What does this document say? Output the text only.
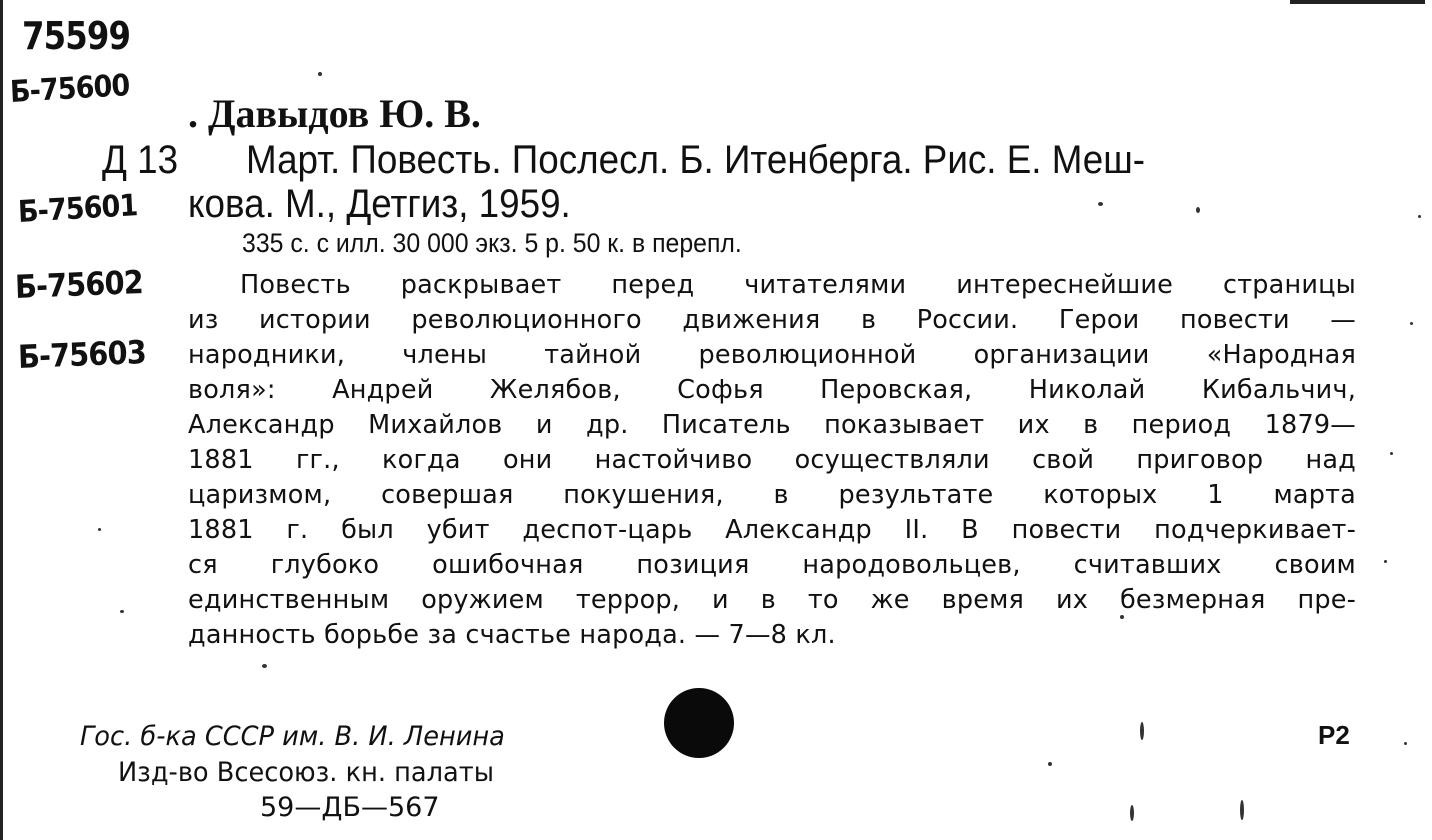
75599
Б-75600
Б-75601
Б-75602
Б-75603
. Давыдов Ю. В.
Д 13 Март. Повесть. Послесл. Б. Итенберга. Рис. Е. Меш-
кова. М., Детгиз, 1959.
335 с. с илл. 30 000 экз. 5 р. 50 к. в перепл.
Повесть раскрывает перед читателями интереснейшие страницы
из истории революционного движения в России. Герои повести —
народники, члены тайной революционной организации «Народная
воля»: Андрей Желябов, Софья Перовская, Николай Кибальчич,
Александр Михайлов и др. Писатель показывает их в период 1879—
1881 гг., когда они настойчиво осуществляли свой приговор над
царизмом, совершая покушения, в результате которых 1 марта
1881 г. был убит деспот-царь Александр II. В повести подчеркивает-
ся глубоко ошибочная позиция народовольцев, считавших своим
единственным оружием террор, и в то же время их безмерная пре-
данность борьбе за счастье народа. — 7—8 кл.
Гос. б-ка СССР им. В. И. Ленина
Изд-во Всесоюз. кн. палаты
59—ДБ—567
Р2
